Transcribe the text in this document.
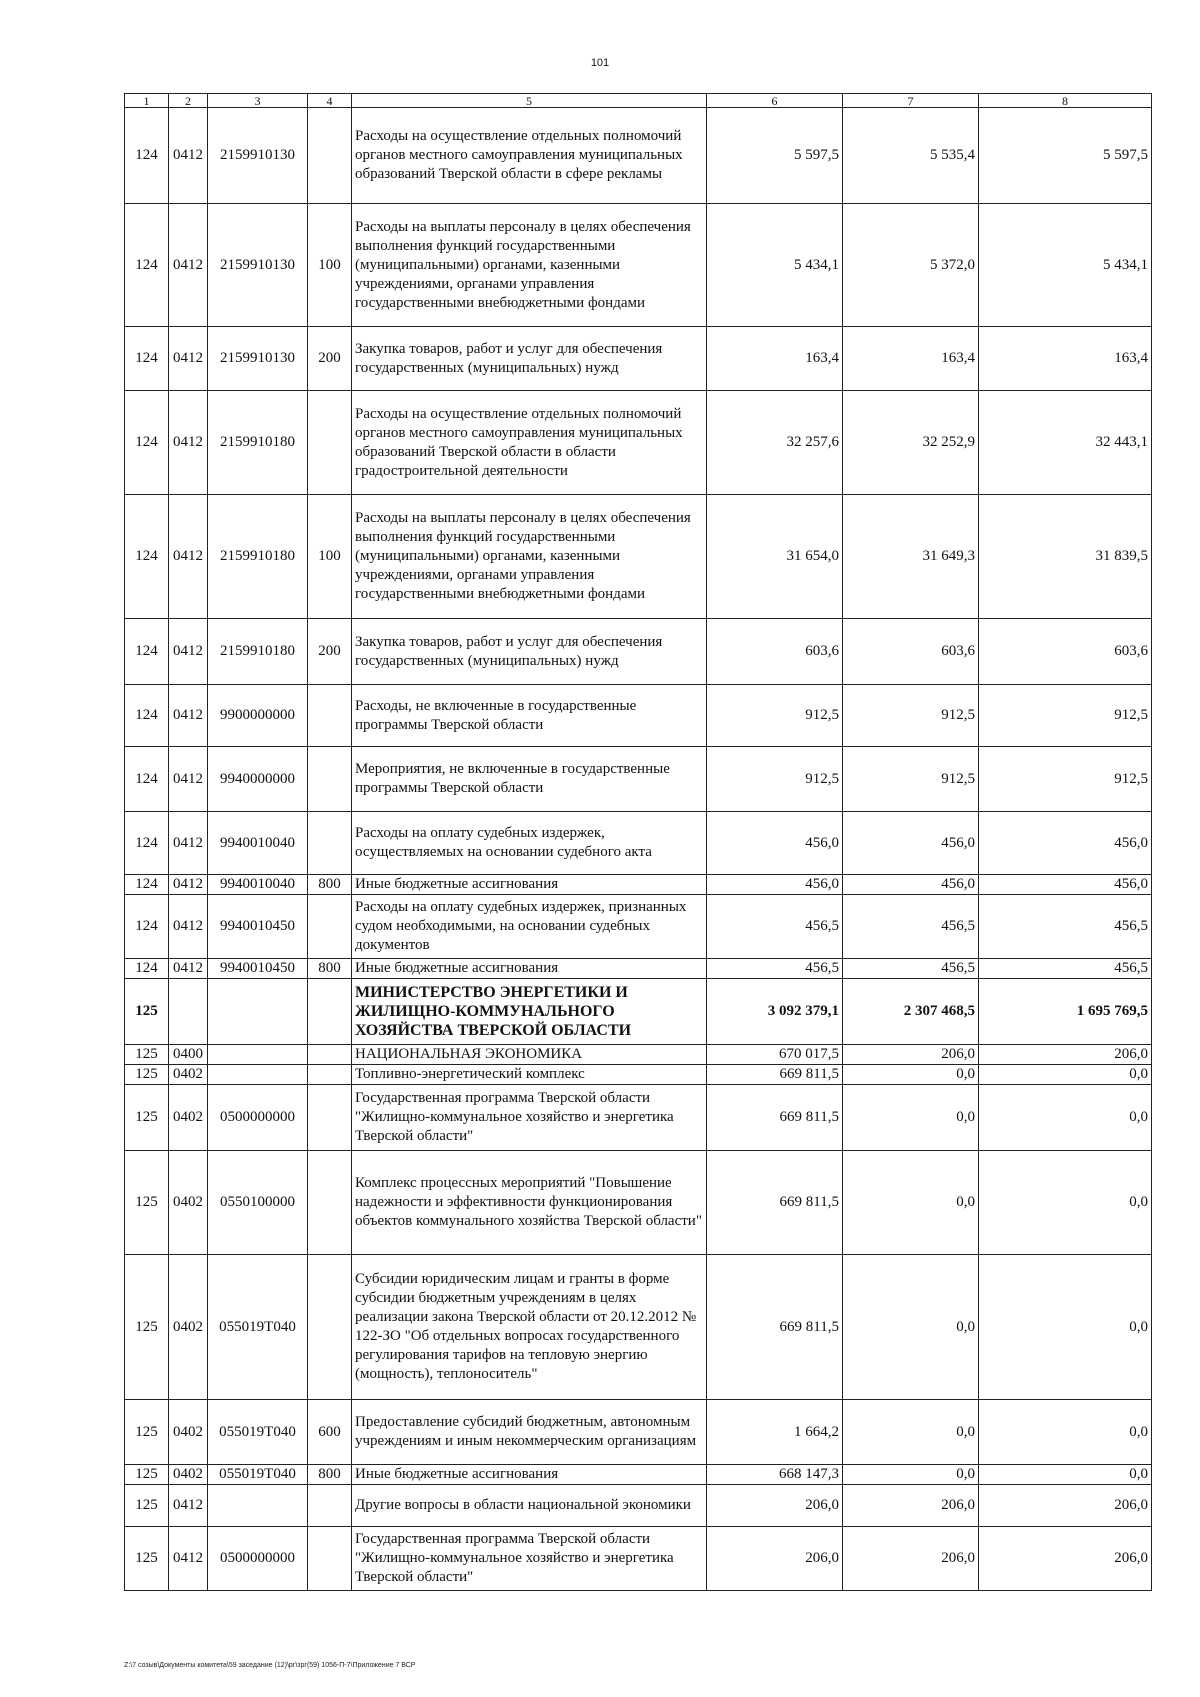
101
1	2	3	4	5	6	7	8
124	0412	2159910130		Расходы на осуществление отдельных полномочий органов местного самоуправления муниципальных образований Тверской области в сфере рекламы	5 597,5	5 535,4	5 597,5
124	0412	2159910130	100	Расходы на выплаты персоналу в целях обеспечения выполнения функций государственными (муниципальными) органами, казенными учреждениями, органами управления государственными внебюджетными фондами	5 434,1	5 372,0	5 434,1
124	0412	2159910130	200	Закупка товаров, работ и услуг для обеспечения государственных (муниципальных) нужд	163,4	163,4	163,4
124	0412	2159910180		Расходы на осуществление отдельных полномочий органов местного самоуправления муниципальных образований Тверской области в области градостроительной деятельности	32 257,6	32 252,9	32 443,1
124	0412	2159910180	100	Расходы на выплаты персоналу в целях обеспечения выполнения функций государственными (муниципальными) органами, казенными учреждениями, органами управления государственными внебюджетными фондами	31 654,0	31 649,3	31 839,5
124	0412	2159910180	200	Закупка товаров, работ и услуг для обеспечения государственных (муниципальных) нужд	603,6	603,6	603,6
124	0412	9900000000		Расходы, не включенные в государственные программы Тверской области	912,5	912,5	912,5
124	0412	9940000000		Мероприятия, не включенные в государственные программы Тверской области	912,5	912,5	912,5
124	0412	9940010040		Расходы на оплату судебных издержек, осуществляемых на основании судебного акта	456,0	456,0	456,0
124	0412	9940010040	800	Иные бюджетные ассигнования	456,0	456,0	456,0
124	0412	9940010450		Расходы на оплату судебных издержек, признанных судом необходимыми, на основании судебных документов	456,5	456,5	456,5
124	0412	9940010450	800	Иные бюджетные ассигнования	456,5	456,5	456,5
125				МИНИСТЕРСТВО ЭНЕРГЕТИКИ И ЖИЛИЩНО-КОММУНАЛЬНОГО ХОЗЯЙСТВА ТВЕРСКОЙ ОБЛАСТИ	3 092 379,1	2 307 468,5	1 695 769,5
125	0400			НАЦИОНАЛЬНАЯ ЭКОНОМИКА	670 017,5	206,0	206,0
125	0402			Топливно-энергетический комплекс	669 811,5	0,0	0,0
125	0402	0500000000		Государственная программа Тверской области "Жилищно-коммунальное хозяйство и энергетика Тверской области"	669 811,5	0,0	0,0
125	0402	0550100000		Комплекс процессных мероприятий "Повышение надежности и эффективности функционирования объектов коммунального хозяйства Тверской области"	669 811,5	0,0	0,0
125	0402	055019Т040		Субсидии юридическим лицам и гранты в форме субсидии бюджетным учреждениям в целях реализации закона Тверской области от 20.12.2012 № 122-ЗО "Об отдельных вопросах государственного регулирования тарифов на тепловую энергию (мощность), теплоноситель"	669 811,5	0,0	0,0
125	0402	055019Т040	600	Предоставление субсидий бюджетным, автономным учреждениям и иным некоммерческим организациям	1 664,2	0,0	0,0
125	0402	055019Т040	800	Иные бюджетные ассигнования	668 147,3	0,0	0,0
125	0412			Другие вопросы в области национальной экономики	206,0	206,0	206,0
125	0412	0500000000		Государственная программа Тверской области "Жилищно-коммунальное хозяйство и энергетика Тверской области"	206,0	206,0	206,0
Z:\7 созыв\Документы комитета\59 заседание (12)\рг\зрг(59) 1056-П-7\Приложение 7 ВСР
